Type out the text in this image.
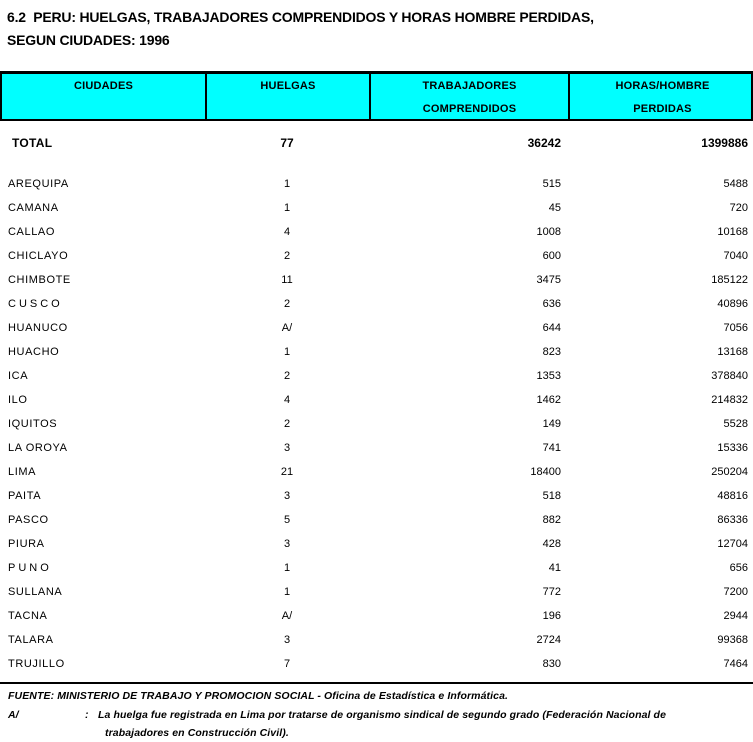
6.2  PERU: HUELGAS, TRABAJADORES COMPRENDIDOS Y HORAS HOMBRE PERDIDAS,
SEGUN CIUDADES: 1996
CIUDADES	HUELGAS	TRABAJADORES
COMPRENDIDOS
HORAS/HOMBRE
PERDIDAS
TOTAL	77	36242	1399886
AREQUIPA	1	515	5488
CAMANA	1	45	720
CALLAO	4	1008	10168
CHICLAYO	2	600	7040
CHIMBOTE	11	3475	185122
CUSCO	2	636	40896
HUANUCO	A/	644	7056
HUACHO	1	823	13168
ICA	2	1353	378840
ILO	4	1462	214832
IQUITOS	2	149	5528
LA OROYA	3	741	15336
LIMA	21	18400	250204
PAITA	3	518	48816
PASCO	5	882	86336
PIURA	3	428	12704
PUNO	1	41	656
SULLANA	1	772	7200
TACNA	A/	196	2944
TALARA	3	2724	99368
TRUJILLO	7	830	7464
FUENTE: MINISTERIO DE TRABAJO Y PROMOCION SOCIAL - Oficina de Estadística e Informática.
A/	: La huelga fue registrada en Lima por tratarse de organismo sindical de segundo grado (Federación Nacional de
trabajadores en Construcción Civil).
